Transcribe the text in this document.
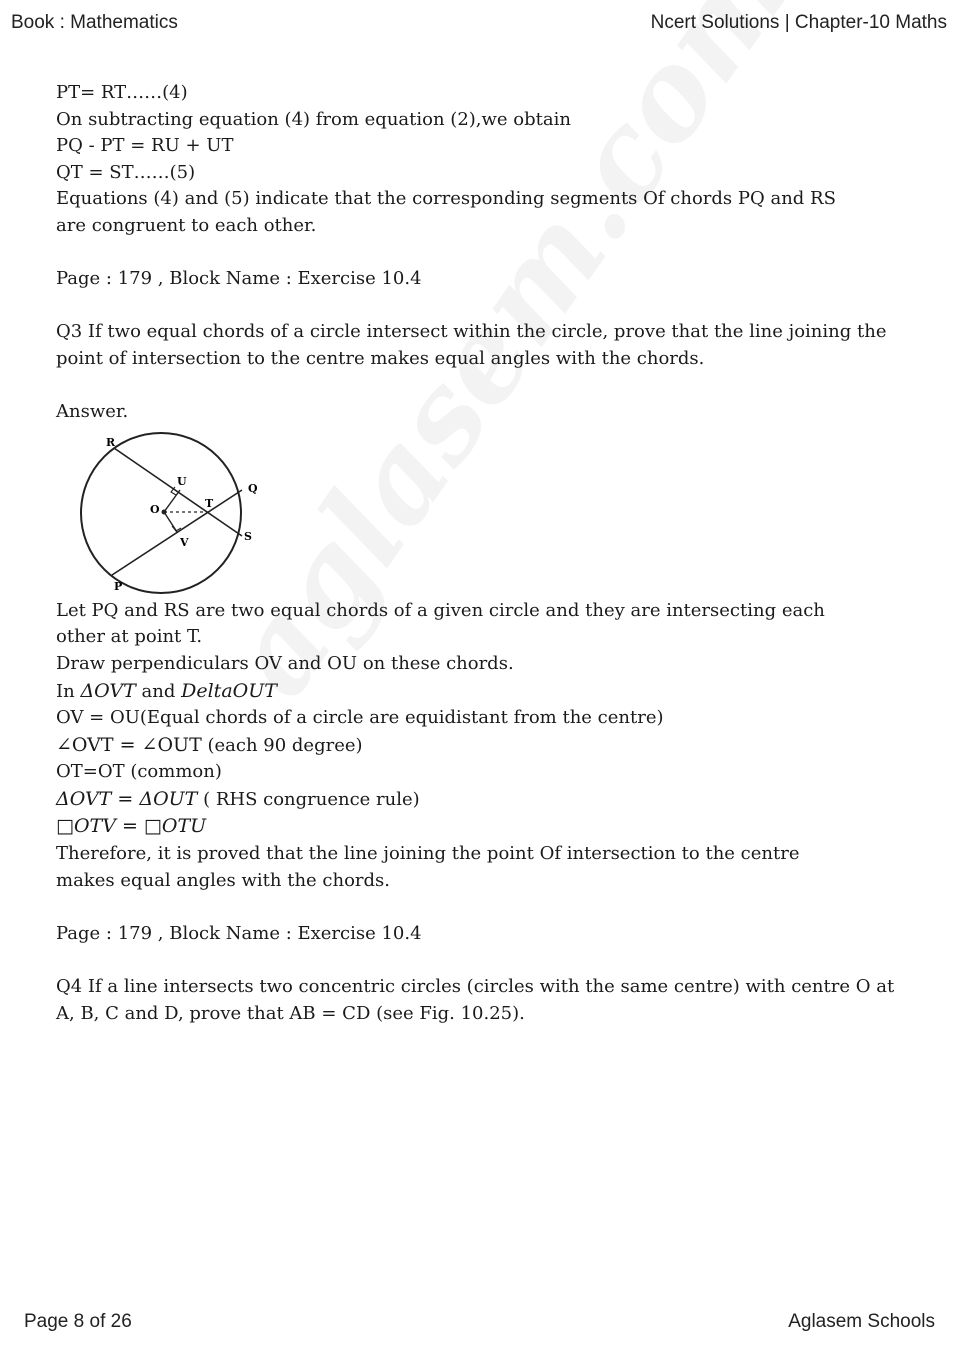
Book : Mathematics	Ncert Solutions | Chapter-10 Maths
PT= RT……(4)
On subtracting equation (4) from equation (2),we obtain
PQ - PT = RU + UT
QT = ST……(5)
Equations (4) and (5) indicate that the corresponding segments Of chords PQ and RS
are congruent to each other.
Page : 179 , Block Name : Exercise 10.4
Q3 If two equal chords of a circle intersect within the circle, prove that the line joining the point of intersection to the centre makes equal angles with the chords.
Answer.
R
U
Q
O	T
S
V
P
Let PQ and RS are two equal chords of a given circle and they are intersecting each
other at point T.
Draw perpendiculars OV and OU on these chords.
In ΔOVT and DeltaOUT
OV = OU(Equal chords of a circle are equidistant from the centre)
∠OVT = ∠OUT (each 90 degree)
OT=OT (common)
ΔOVT = ΔOUT ( RHS congruence rule)
□OTV = □OTU
Therefore, it is proved that the line joining the point Of intersection to the centre
makes equal angles with the chords.
Page : 179 , Block Name : Exercise 10.4
Q4 If a line intersects two concentric circles (circles with the same centre) with centre O at A, B, C and D, prove that AB = CD (see Fig. 10.25).
Page 8 of 26	Aglasem Schools
